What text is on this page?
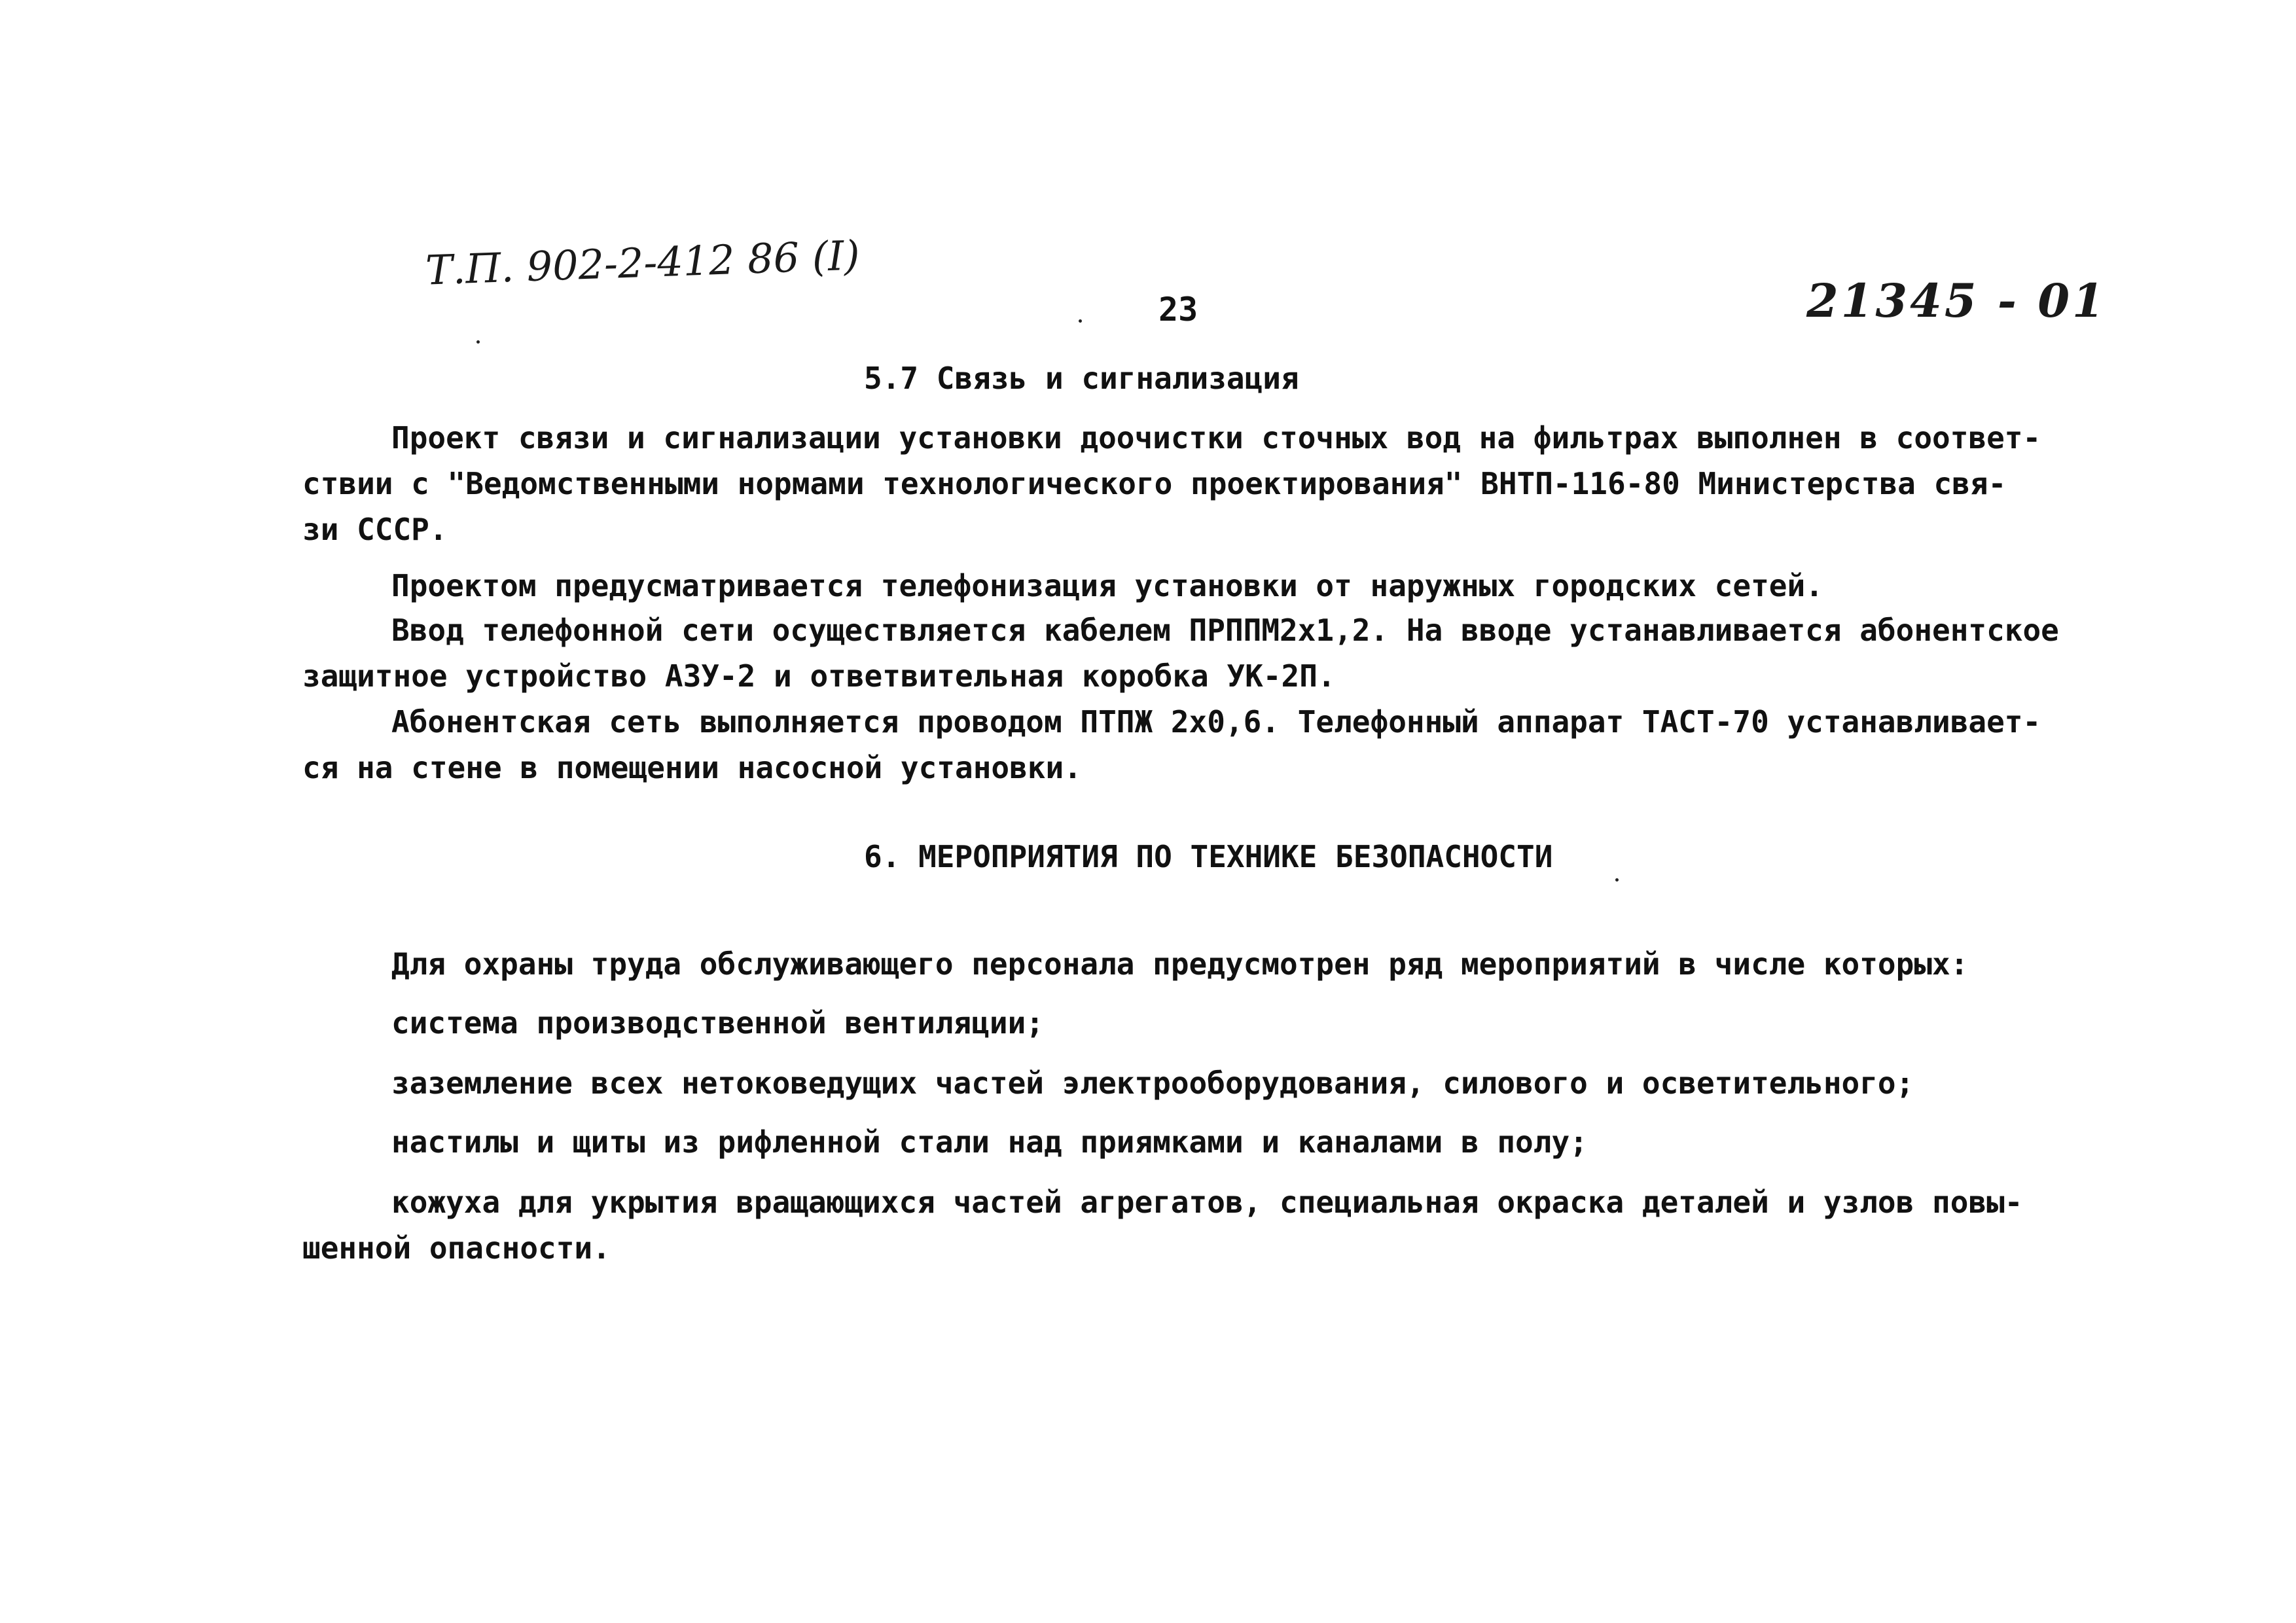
Т.П. 902-2-412 86 (I)
23	21345 - 01
5.7 Связь и сигнализация
Проект связи и сигнализации установки доочистки сточных вод на фильтрах выполнен в соответ-
ствии с "Ведомственными нормами технологического проектирования" ВНТП-116-80 Министерства свя-
зи СССР.
Проектом предусматривается телефонизация установки от наружных городских сетей.
Ввод телефонной сети осуществляется кабелем ПРППМ2х1,2. На вводе устанавливается абонентское
защитное устройство АЗУ-2 и ответвительная коробка УК-2П.
Абонентская сеть выполняется проводом ПТПЖ 2х0,6. Телефонный аппарат ТАСТ-70 устанавливает-
ся на стене в помещении насосной установки.
6. МЕРОПРИЯТИЯ ПО ТЕХНИКЕ БЕЗОПАСНОСТИ
Для охраны труда обслуживающего персонала предусмотрен ряд мероприятий в числе которых:
система производственной вентиляции;
заземление всех нетоковедущих частей электрооборудования, силового и осветительного;
настилы и щиты из рифленной стали над приямками и каналами в полу;
кожуха для укрытия вращающихся частей агрегатов, специальная окраска деталей и узлов повы-
шенной опасности.
